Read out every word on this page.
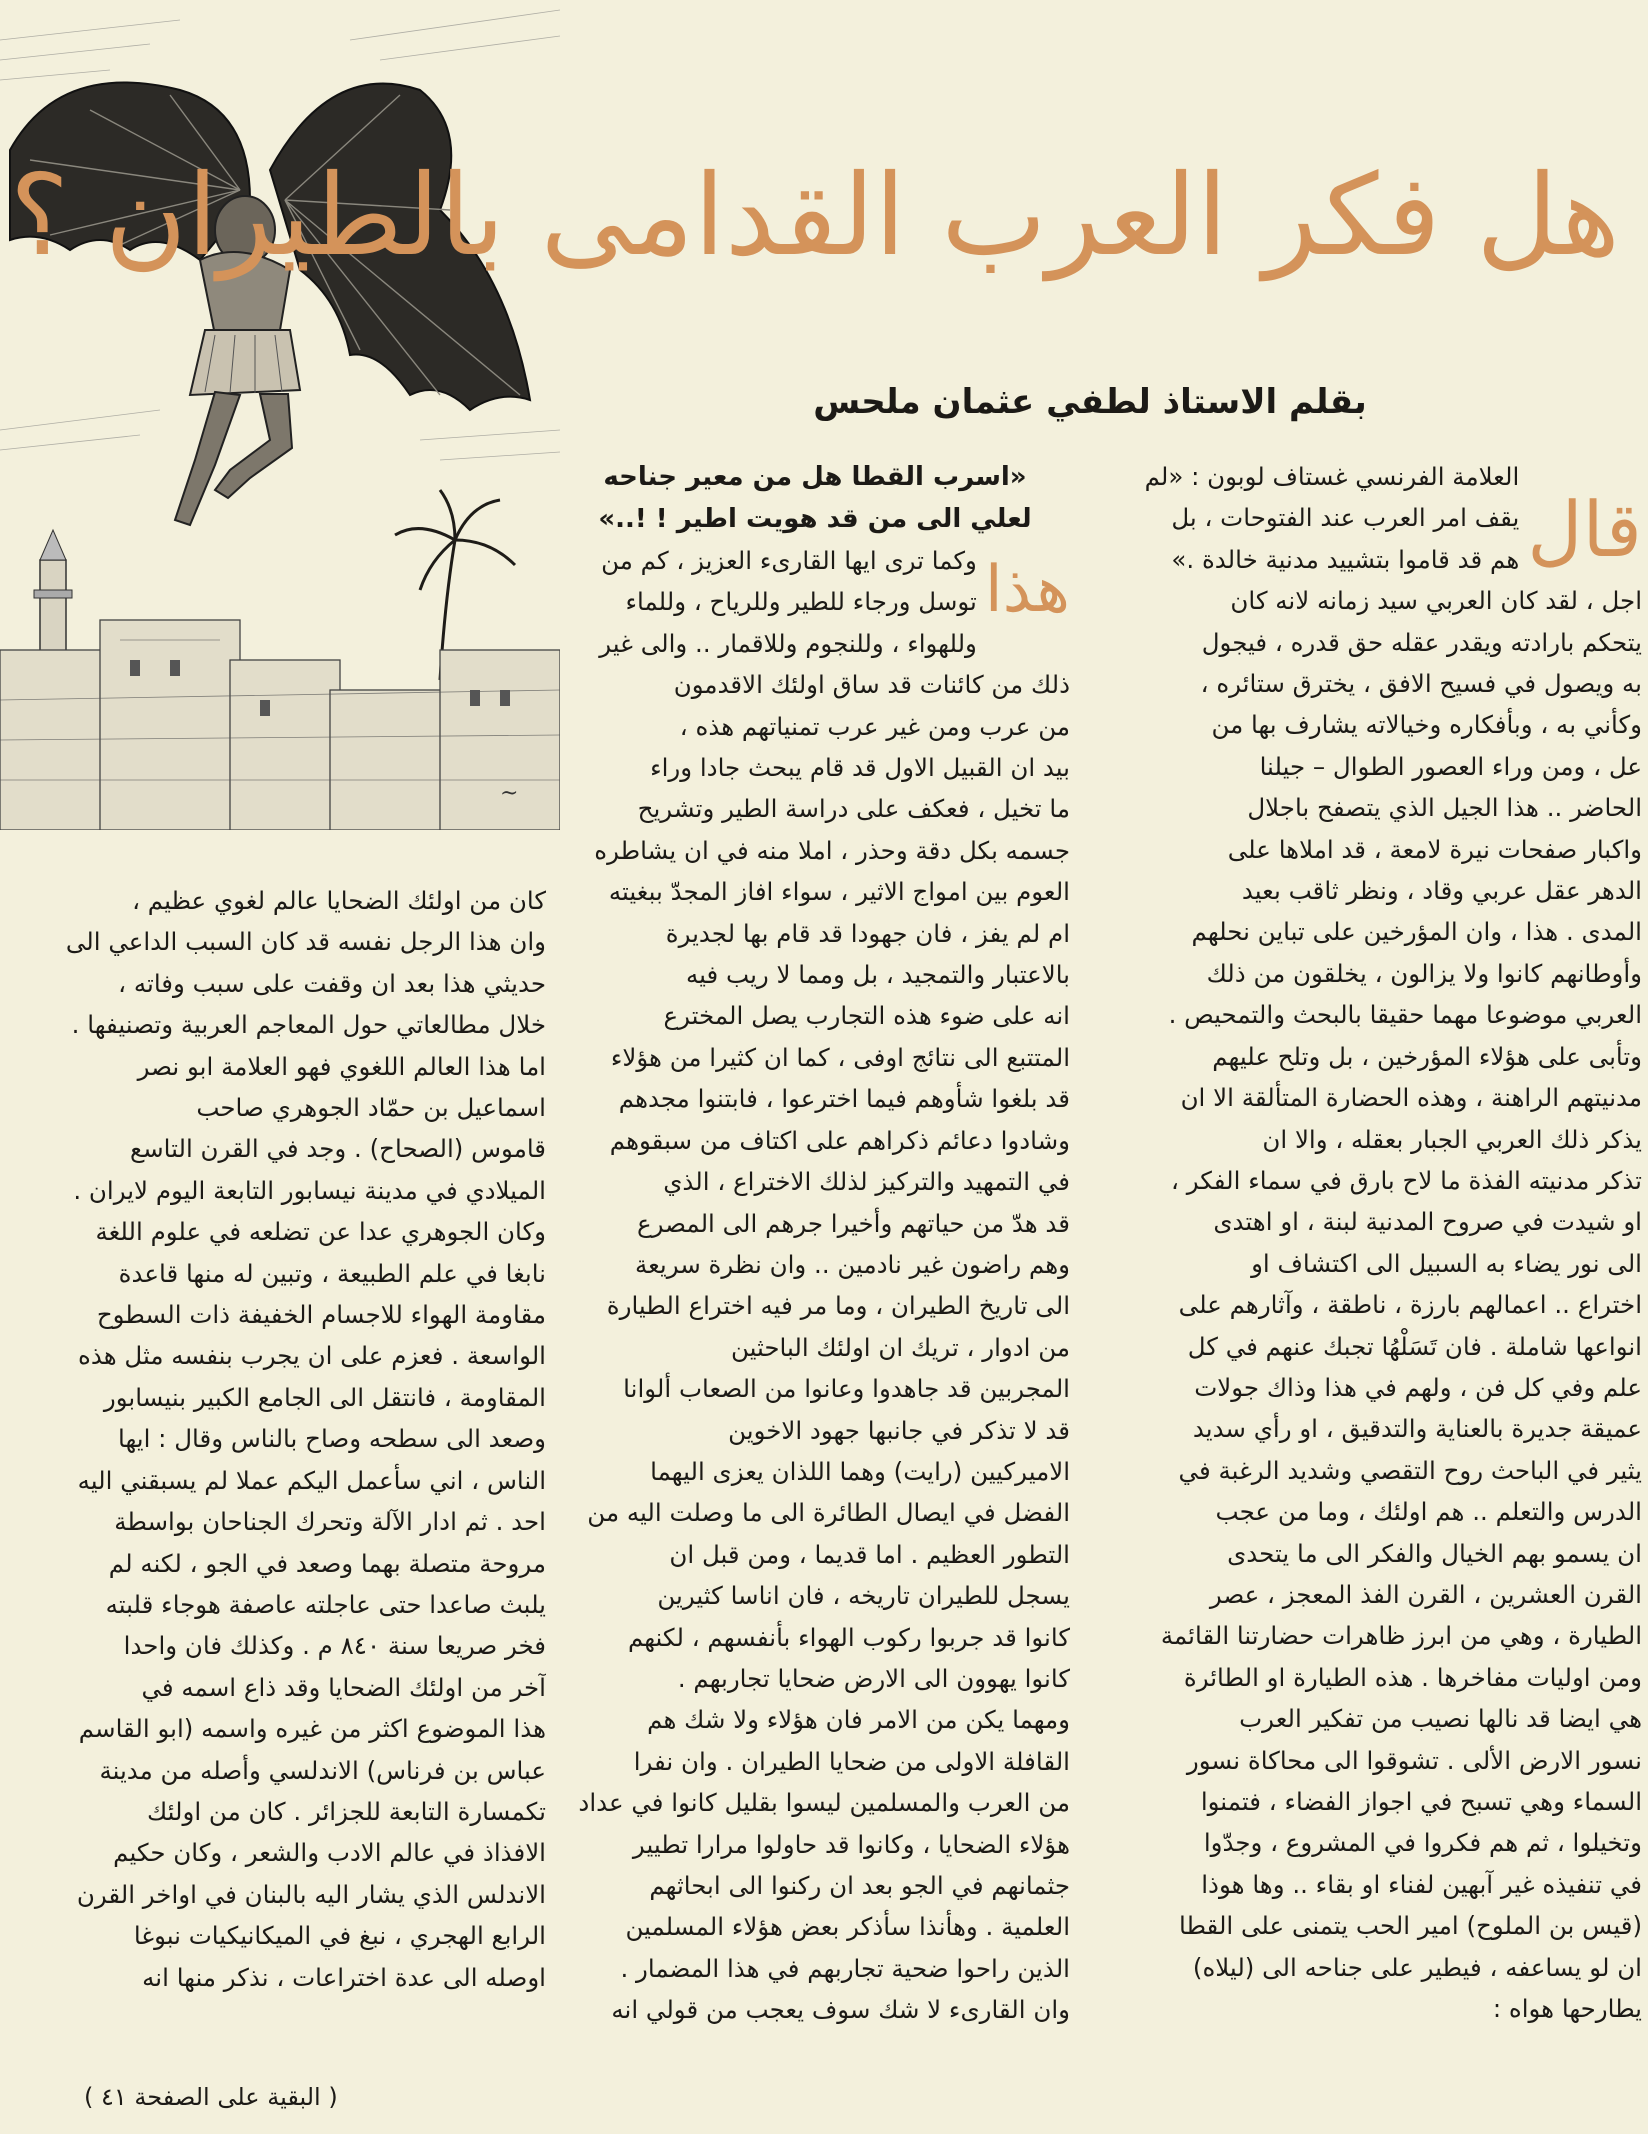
~
هل فكر العرب القدامى بالطيران ؟
بقلم الاستاذ لطفي عثمان ملحس
قال
العلامة الفرنسي غستاف لوبون : «لم
يقف امر العرب عند الفتوحات ، بل
هم قد قاموا بتشييد مدنية خالدة .»
اجل ، لقد كان العربي سيد زمانه لانه كان
يتحكم بارادته ويقدر عقله حق قدره ، فيجول
به ويصول في فسيح الافق ، يخترق ستائره ،
وكأني به ، وبأفكاره وخيالاته يشارف بها من
عل ، ومن وراء العصور الطوال – جيلنا
الحاضر .. هذا الجيل الذي يتصفح باجلال
واكبار صفحات نيرة لامعة ، قد املاها على
الدهر عقل عربي وقاد ، ونظر ثاقب بعيد
المدى . هذا ، وان المؤرخين على تباين نحلهم
وأوطانهم كانوا ولا يزالون ، يخلقون من ذلك
العربي موضوعا مهما حقيقا بالبحث والتمحيص .
وتأبى على هؤلاء المؤرخين ، بل وتلح عليهم
مدنيتهم الراهنة ، وهذه الحضارة المتألقة الا ان
يذكر ذلك العربي الجبار بعقله ، والا ان
تذكر مدنيته الفذة ما لاح بارق في سماء الفكر ،
او شيدت في صروح المدنية لبنة ، او اهتدى
الى نور يضاء به السبيل الى اكتشاف او
اختراع .. اعمالهم بارزة ، ناطقة ، وآثارهم على
انواعها شاملة . فان تَسَلْهُا تجبك عنهم في كل
علم وفي كل فن ، ولهم في هذا وذاك جولات
عميقة جديرة بالعناية والتدقيق ، او رأي سديد
يثير في الباحث روح التقصي وشديد الرغبة في
الدرس والتعلم .. هم اولئك ، وما من عجب
ان يسمو بهم الخيال والفكر الى ما يتحدى
القرن العشرين ، القرن الفذ المعجز ، عصر
الطيارة ، وهي من ابرز ظاهرات حضارتنا القائمة
ومن اوليات مفاخرها . هذه الطيارة او الطائرة
هي ايضا قد نالها نصيب من تفكير العرب
نسور الارض الألى . تشوقوا الى محاكاة نسور
السماء وهي تسبح في اجواز الفضاء ، فتمنوا
وتخيلوا ، ثم هم فكروا في المشروع ، وجدّوا
في تنفيذه غير آبهين لفناء او بقاء .. وها هوذا
(قيس بن الملوح) امير الحب يتمنى على القطا
ان لو يساعفه ، فيطير على جناحه الى (ليلاه)
يطارحها هواه :
«اسرب القطا هل من معير جناحه
لعلي الى من قد هويت اطير ! !..»
هذا
وكما ترى ايها القارىء العزيز ، كم من
توسل ورجاء للطير وللرياح ، وللماء
وللهواء ، وللنجوم وللاقمار .. والى غير
ذلك من كائنات قد ساق اولئك الاقدمون
من عرب ومن غير عرب تمنياتهم هذه ،
بيد ان القبيل الاول قد قام يبحث جادا وراء
ما تخيل ، فعكف على دراسة الطير وتشريح
جسمه بكل دقة وحذر ، املا منه في ان يشاطره
العوم بين امواج الاثير ، سواء افاز المجدّ ببغيته
ام لم يفز ، فان جهودا قد قام بها لجديرة
بالاعتبار والتمجيد ، بل ومما لا ريب فيه
انه على ضوء هذه التجارب يصل المخترع
المتتبع الى نتائج اوفى ، كما ان كثيرا من هؤلاء
قد بلغوا شأوهم فيما اخترعوا ، فابتنوا مجدهم
وشادوا دعائم ذكراهم على اكتاف من سبقوهم
في التمهيد والتركيز لذلك الاختراع ، الذي
قد هدّ من حياتهم وأخيرا جرهم الى المصرع
وهم راضون غير نادمين .. وان نظرة سريعة
الى تاريخ الطيران ، وما مر فيه اختراع الطيارة
من ادوار ، تريك ان اولئك الباحثين
المجربين قد جاهدوا وعانوا من الصعاب ألوانا
قد لا تذكر في جانبها جهود الاخوين
الاميركيين (رايت) وهما اللذان يعزى اليهما
الفضل في ايصال الطائرة الى ما وصلت اليه من
التطور العظيم . اما قديما ، ومن قبل ان
يسجل للطيران تاريخه ، فان اناسا كثيرين
كانوا قد جربوا ركوب الهواء بأنفسهم ، لكنهم
كانوا يهوون الى الارض ضحايا تجاربهم .
ومهما يكن من الامر فان هؤلاء ولا شك هم
القافلة الاولى من ضحايا الطيران . وان نفرا
من العرب والمسلمين ليسوا بقليل كانوا في عداد
هؤلاء الضحايا ، وكانوا قد حاولوا مرارا تطيير
جثمانهم في الجو بعد ان ركنوا الى ابحاثهم
العلمية . وهأنذا سأذكر بعض هؤلاء المسلمين
الذين راحوا ضحية تجاربهم في هذا المضمار .
وان القارىء لا شك سوف يعجب من قولي انه
كان من اولئك الضحايا عالم لغوي عظيم ،
وان هذا الرجل نفسه قد كان السبب الداعي الى
حديثي هذا بعد ان وقفت على سبب وفاته ،
خلال مطالعاتي حول المعاجم العربية وتصنيفها .
اما هذا العالم اللغوي فهو العلامة ابو نصر
اسماعيل بن حمّاد الجوهري صاحب
قاموس (الصحاح) . وجد في القرن التاسع
الميلادي في مدينة نيسابور التابعة اليوم لايران .
وكان الجوهري عدا عن تضلعه في علوم اللغة
نابغا في علم الطبيعة ، وتبين له منها قاعدة
مقاومة الهواء للاجسام الخفيفة ذات السطوح
الواسعة . فعزم على ان يجرب بنفسه مثل هذه
المقاومة ، فانتقل الى الجامع الكبير بنيسابور
وصعد الى سطحه وصاح بالناس وقال : ايها
الناس ، اني سأعمل اليكم عملا لم يسبقني اليه
احد . ثم ادار الآلة وتحرك الجناحان بواسطة
مروحة متصلة بهما وصعد في الجو ، لكنه لم
يلبث صاعدا حتى عاجلته عاصفة هوجاء قلبته
فخر صريعا سنة ٨٤٠ م . وكذلك فان واحدا
آخر من اولئك الضحايا وقد ذاع اسمه في
هذا الموضوع اكثر من غيره واسمه (ابو القاسم
عباس بن فرناس) الاندلسي وأصله من مدينة
تكمسارة التابعة للجزائر . كان من اولئك
الافذاذ في عالم الادب والشعر ، وكان حكيم
الاندلس الذي يشار اليه بالبنان في اواخر القرن
الرابع الهجري ، نبغ في الميكانيكيات نبوغا
اوصله الى عدة اختراعات ، نذكر منها انه
( البقية على الصفحة ٤١ )
